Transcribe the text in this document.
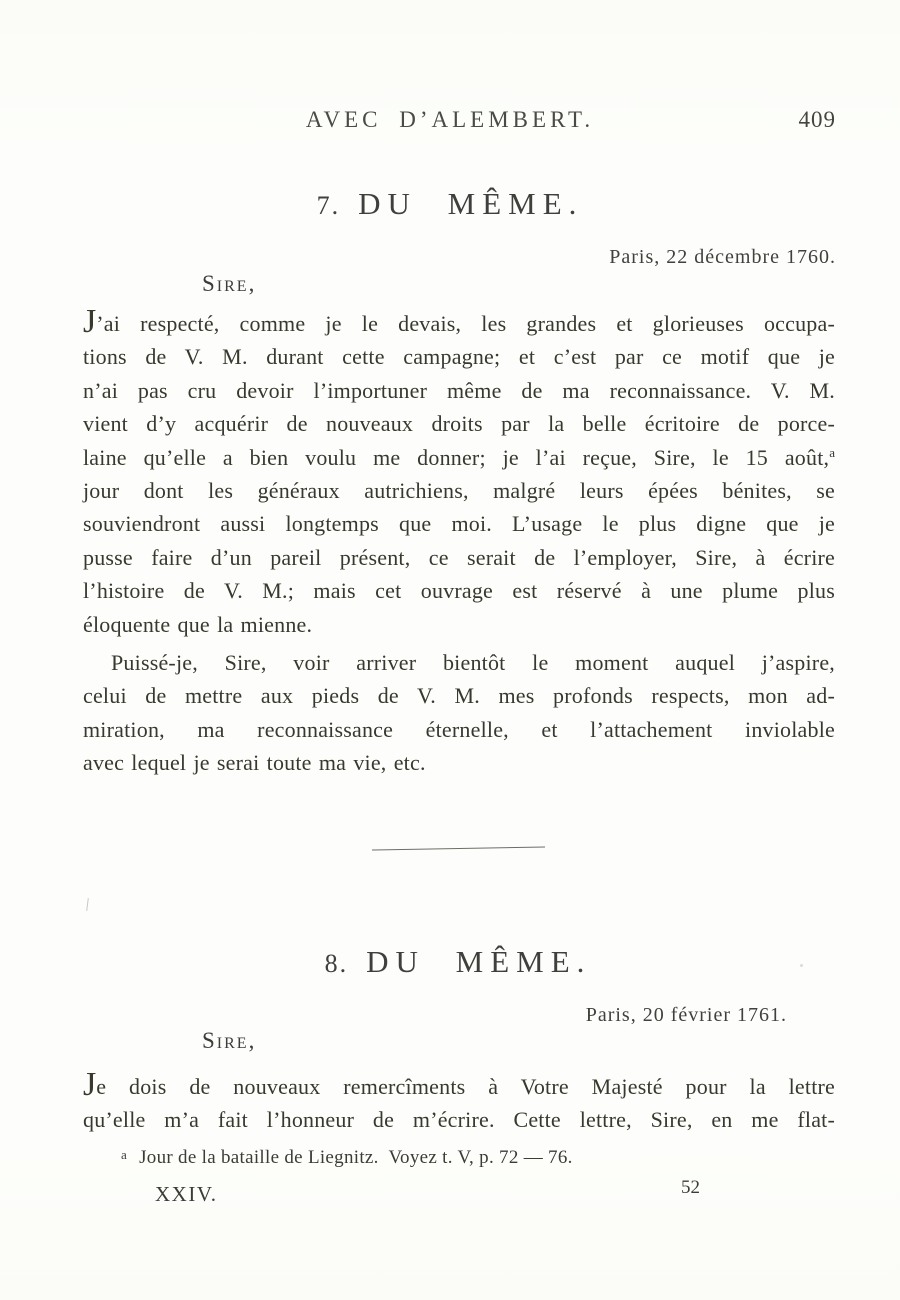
AVEC D’ALEMBERT.	409
7. DU MÊME.
Paris, 22 décembre 1760.
Sire,
J’ai respecté, comme je le devais, les grandes et glorieuses occupa-
tions de V. M. durant cette campagne; et c’est par ce motif que je
n’ai pas cru devoir l’importuner même de ma reconnaissance. V. M.
vient d’y acquérir de nouveaux droits par la belle écritoire de porce-
laine qu’elle a bien voulu me donner; je l’ai reçue, Sire, le 15 août,$^a$
jour dont les généraux autrichiens, malgré leurs épées bénites, se
souviendront aussi longtemps que moi. L’usage le plus digne que je
pusse faire d’un pareil présent, ce serait de l’employer, Sire, à écrire
l’histoire de V. M.; mais cet ouvrage est réservé à une plume plus
éloquente que la mienne.
Puissé-je, Sire, voir arriver bientôt le moment auquel j’aspire,
celui de mettre aux pieds de V. M. mes profonds respects, mon ad-
miration, ma reconnaissance éternelle, et l’attachement inviolable
avec lequel je serai toute ma vie, etc.
8. DU MÊME.
Paris, 20 février 1761.
Sire,
Je dois de nouveaux remercîments à Votre Majesté pour la lettre
qu’elle m’a fait l’honneur de m’écrire. Cette lettre, Sire, en me flat-
$^a$ Jour de la bataille de Liegnitz.  Voyez t. V, p. 72 — 76.
XXIV.	52
